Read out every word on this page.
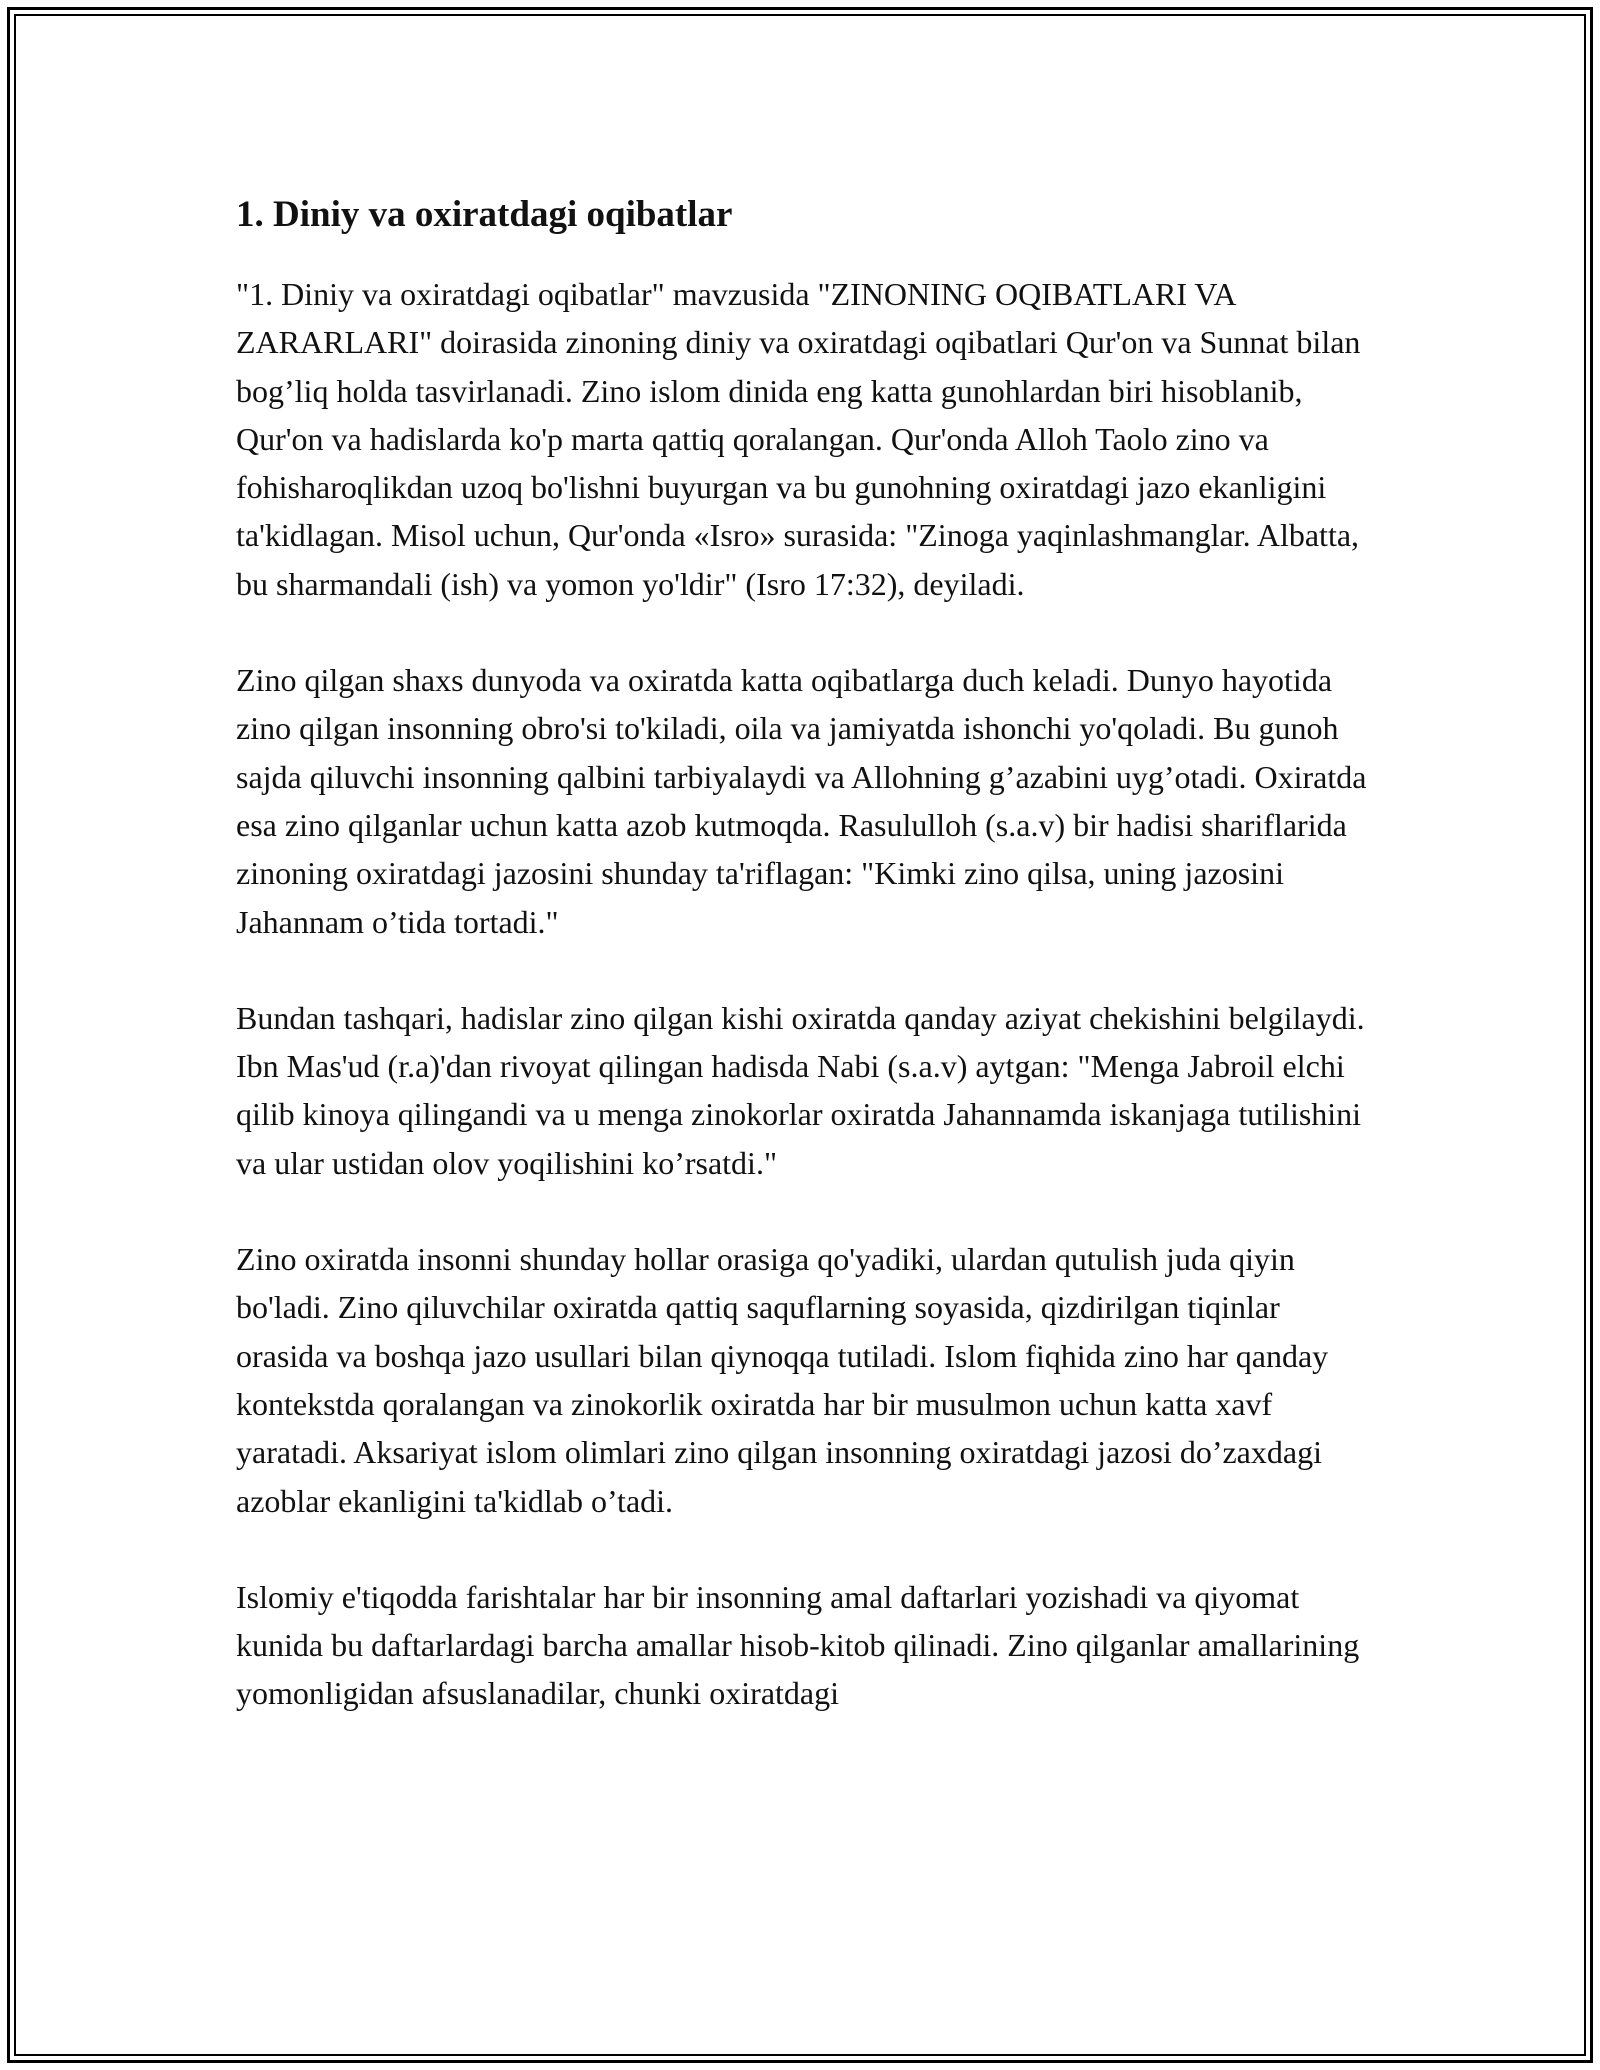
1. Diniy va oxiratdagi oqibatlar

"1. Diniy va oxiratdagi oqibatlar" mavzusida "ZINONING OQIBATLARI VA ZARARLARI" doirasida zinoning diniy va oxiratdagi oqibatlari Qur'on va Sunnat bilan bog’liq holda tasvirlanadi. Zino islom dinida eng katta gunohlardan biri hisoblanib, Qur'on va hadislarda ko'p marta qattiq qoralangan. Qur'onda Alloh Taolo zino va fohisharoqlikdan uzoq bo'lishni buyurgan va bu gunohning oxiratdagi jazo ekanligini ta'kidlagan. Misol uchun, Qur'onda «Isro» surasida: "Zinoga yaqinlashmanglar. Albatta, bu sharmandali (ish) va yomon yo'ldir" (Isro 17:32), deyiladi.

Zino qilgan shaxs dunyoda va oxiratda katta oqibatlarga duch keladi. Dunyo hayotida zino qilgan insonning obro'si to'kiladi, oila va jamiyatda ishonchi yo'qoladi. Bu gunoh sajda qiluvchi insonning qalbini tarbiyalaydi va Allohning g’azabini uyg’otadi. Oxiratda esa zino qilganlar uchun katta azob kutmoqda. Rasululloh (s.a.v) bir hadisi shariflarida zinoning oxiratdagi jazosini shunday ta'riflagan: "Kimki zino qilsa, uning jazosini Jahannam o’tida tortadi."

Bundan tashqari, hadislar zino qilgan kishi oxiratda qanday aziyat chekishini belgilaydi. Ibn Mas'ud (r.a)'dan rivoyat qilingan hadisda Nabi (s.a.v) aytgan: "Menga Jabroil elchi qilib kinoya qilingandi va u menga zinokorlar oxiratda Jahannamda iskanjaga tutilishini va ular ustidan olov yoqilishini ko’rsatdi."

Zino oxiratda insonni shunday hollar orasiga qo'yadiki, ulardan qutulish juda qiyin bo'ladi. Zino qiluvchilar oxiratda qattiq saquflarning soyasida, qizdirilgan tiqinlar orasida va boshqa jazo usullari bilan qiynoqqa tutiladi. Islom fiqhida zino har qanday kontekstda qoralangan va zinokorlik oxiratda har bir musulmon uchun katta xavf yaratadi. Aksariyat islom olimlari zino qilgan insonning oxiratdagi jazosi do’zaxdagi azoblar ekanligini ta'kidlab o’tadi.

Islomiy e'tiqodda farishtalar har bir insonning amal daftarlari yozishadi va qiyomat kunida bu daftarlardagi barcha amallar hisob-kitob qilinadi. Zino qilganlar amallarining yomonligidan afsuslanadilar, chunki oxiratdagi
